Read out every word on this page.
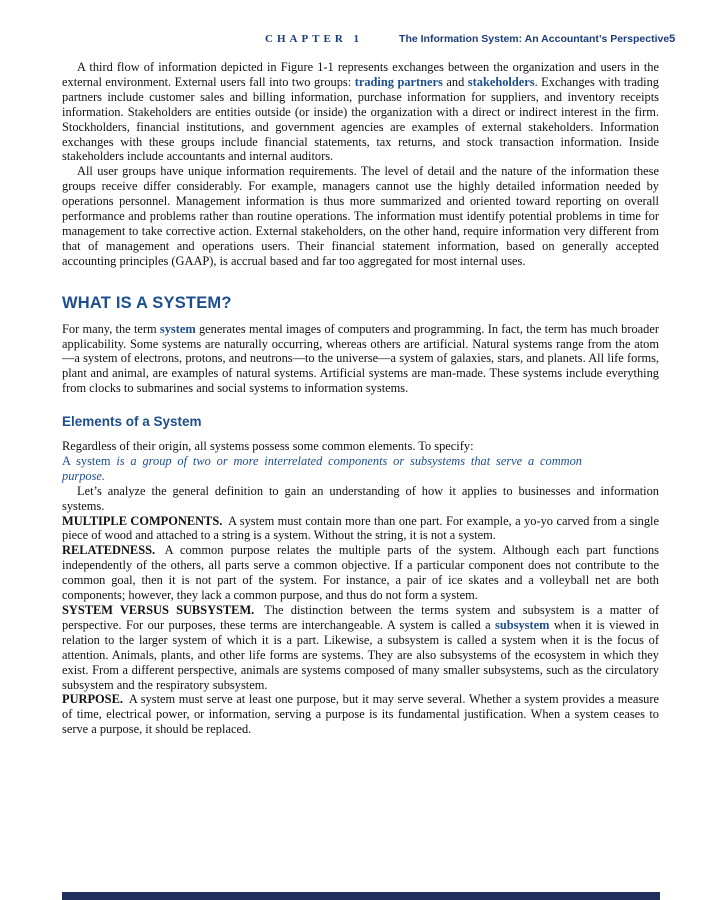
CHAPTER 1	The Information System: An Accountant’s Perspective 5

A third flow of information depicted in Figure 1-1 represents exchanges between the organization and users in the external environment. External users fall into two groups: trading partners and stakeholders. Exchanges with trading partners include customer sales and billing information, purchase information for suppliers, and inventory receipts information. Stakeholders are entities outside (or inside) the organization with a direct or indirect interest in the firm. Stockholders, financial institutions, and government agencies are examples of external stakeholders. Information exchanges with these groups include financial statements, tax returns, and stock transaction information. Inside stakeholders include accountants and internal auditors.

All user groups have unique information requirements. The level of detail and the nature of the information these groups receive differ considerably. For example, managers cannot use the highly detailed information needed by operations personnel. Management information is thus more summarized and oriented toward reporting on overall performance and problems rather than routine operations. The information must identify potential problems in time for management to take corrective action. External stakeholders, on the other hand, require information very different from that of management and operations users. Their financial statement information, based on generally accepted accounting principles (GAAP), is accrual based and far too aggregated for most internal uses.

WHAT IS A SYSTEM?

For many, the term system generates mental images of computers and programming. In fact, the term has much broader applicability. Some systems are naturally occurring, whereas others are artificial. Natural systems range from the atom—a system of electrons, protons, and neutrons—to the universe—a system of galaxies, stars, and planets. All life forms, plant and animal, are examples of natural systems. Artificial systems are man-made. These systems include everything from clocks to submarines and social systems to information systems.

Elements of a System

Regardless of their origin, all systems possess some common elements. To specify:

A system is a group of two or more interrelated components or subsystems that serve a common purpose.

Let’s analyze the general definition to gain an understanding of how it applies to businesses and information systems.

MULTIPLE COMPONENTS. A system must contain more than one part. For example, a yo-yo carved from a single piece of wood and attached to a string is a system. Without the string, it is not a system.

RELATEDNESS. A common purpose relates the multiple parts of the system. Although each part functions independently of the others, all parts serve a common objective. If a particular component does not contribute to the common goal, then it is not part of the system. For instance, a pair of ice skates and a volleyball net are both components; however, they lack a common purpose, and thus do not form a system.

SYSTEM VERSUS SUBSYSTEM. The distinction between the terms system and subsystem is a matter of perspective. For our purposes, these terms are interchangeable. A system is called a subsystem when it is viewed in relation to the larger system of which it is a part. Likewise, a subsystem is called a system when it is the focus of attention. Animals, plants, and other life forms are systems. They are also subsystems of the ecosystem in which they exist. From a different perspective, animals are systems composed of many smaller subsystems, such as the circulatory subsystem and the respiratory subsystem.

PURPOSE. A system must serve at least one purpose, but it may serve several. Whether a system provides a measure of time, electrical power, or information, serving a purpose is its fundamental justification. When a system ceases to serve a purpose, it should be replaced.
